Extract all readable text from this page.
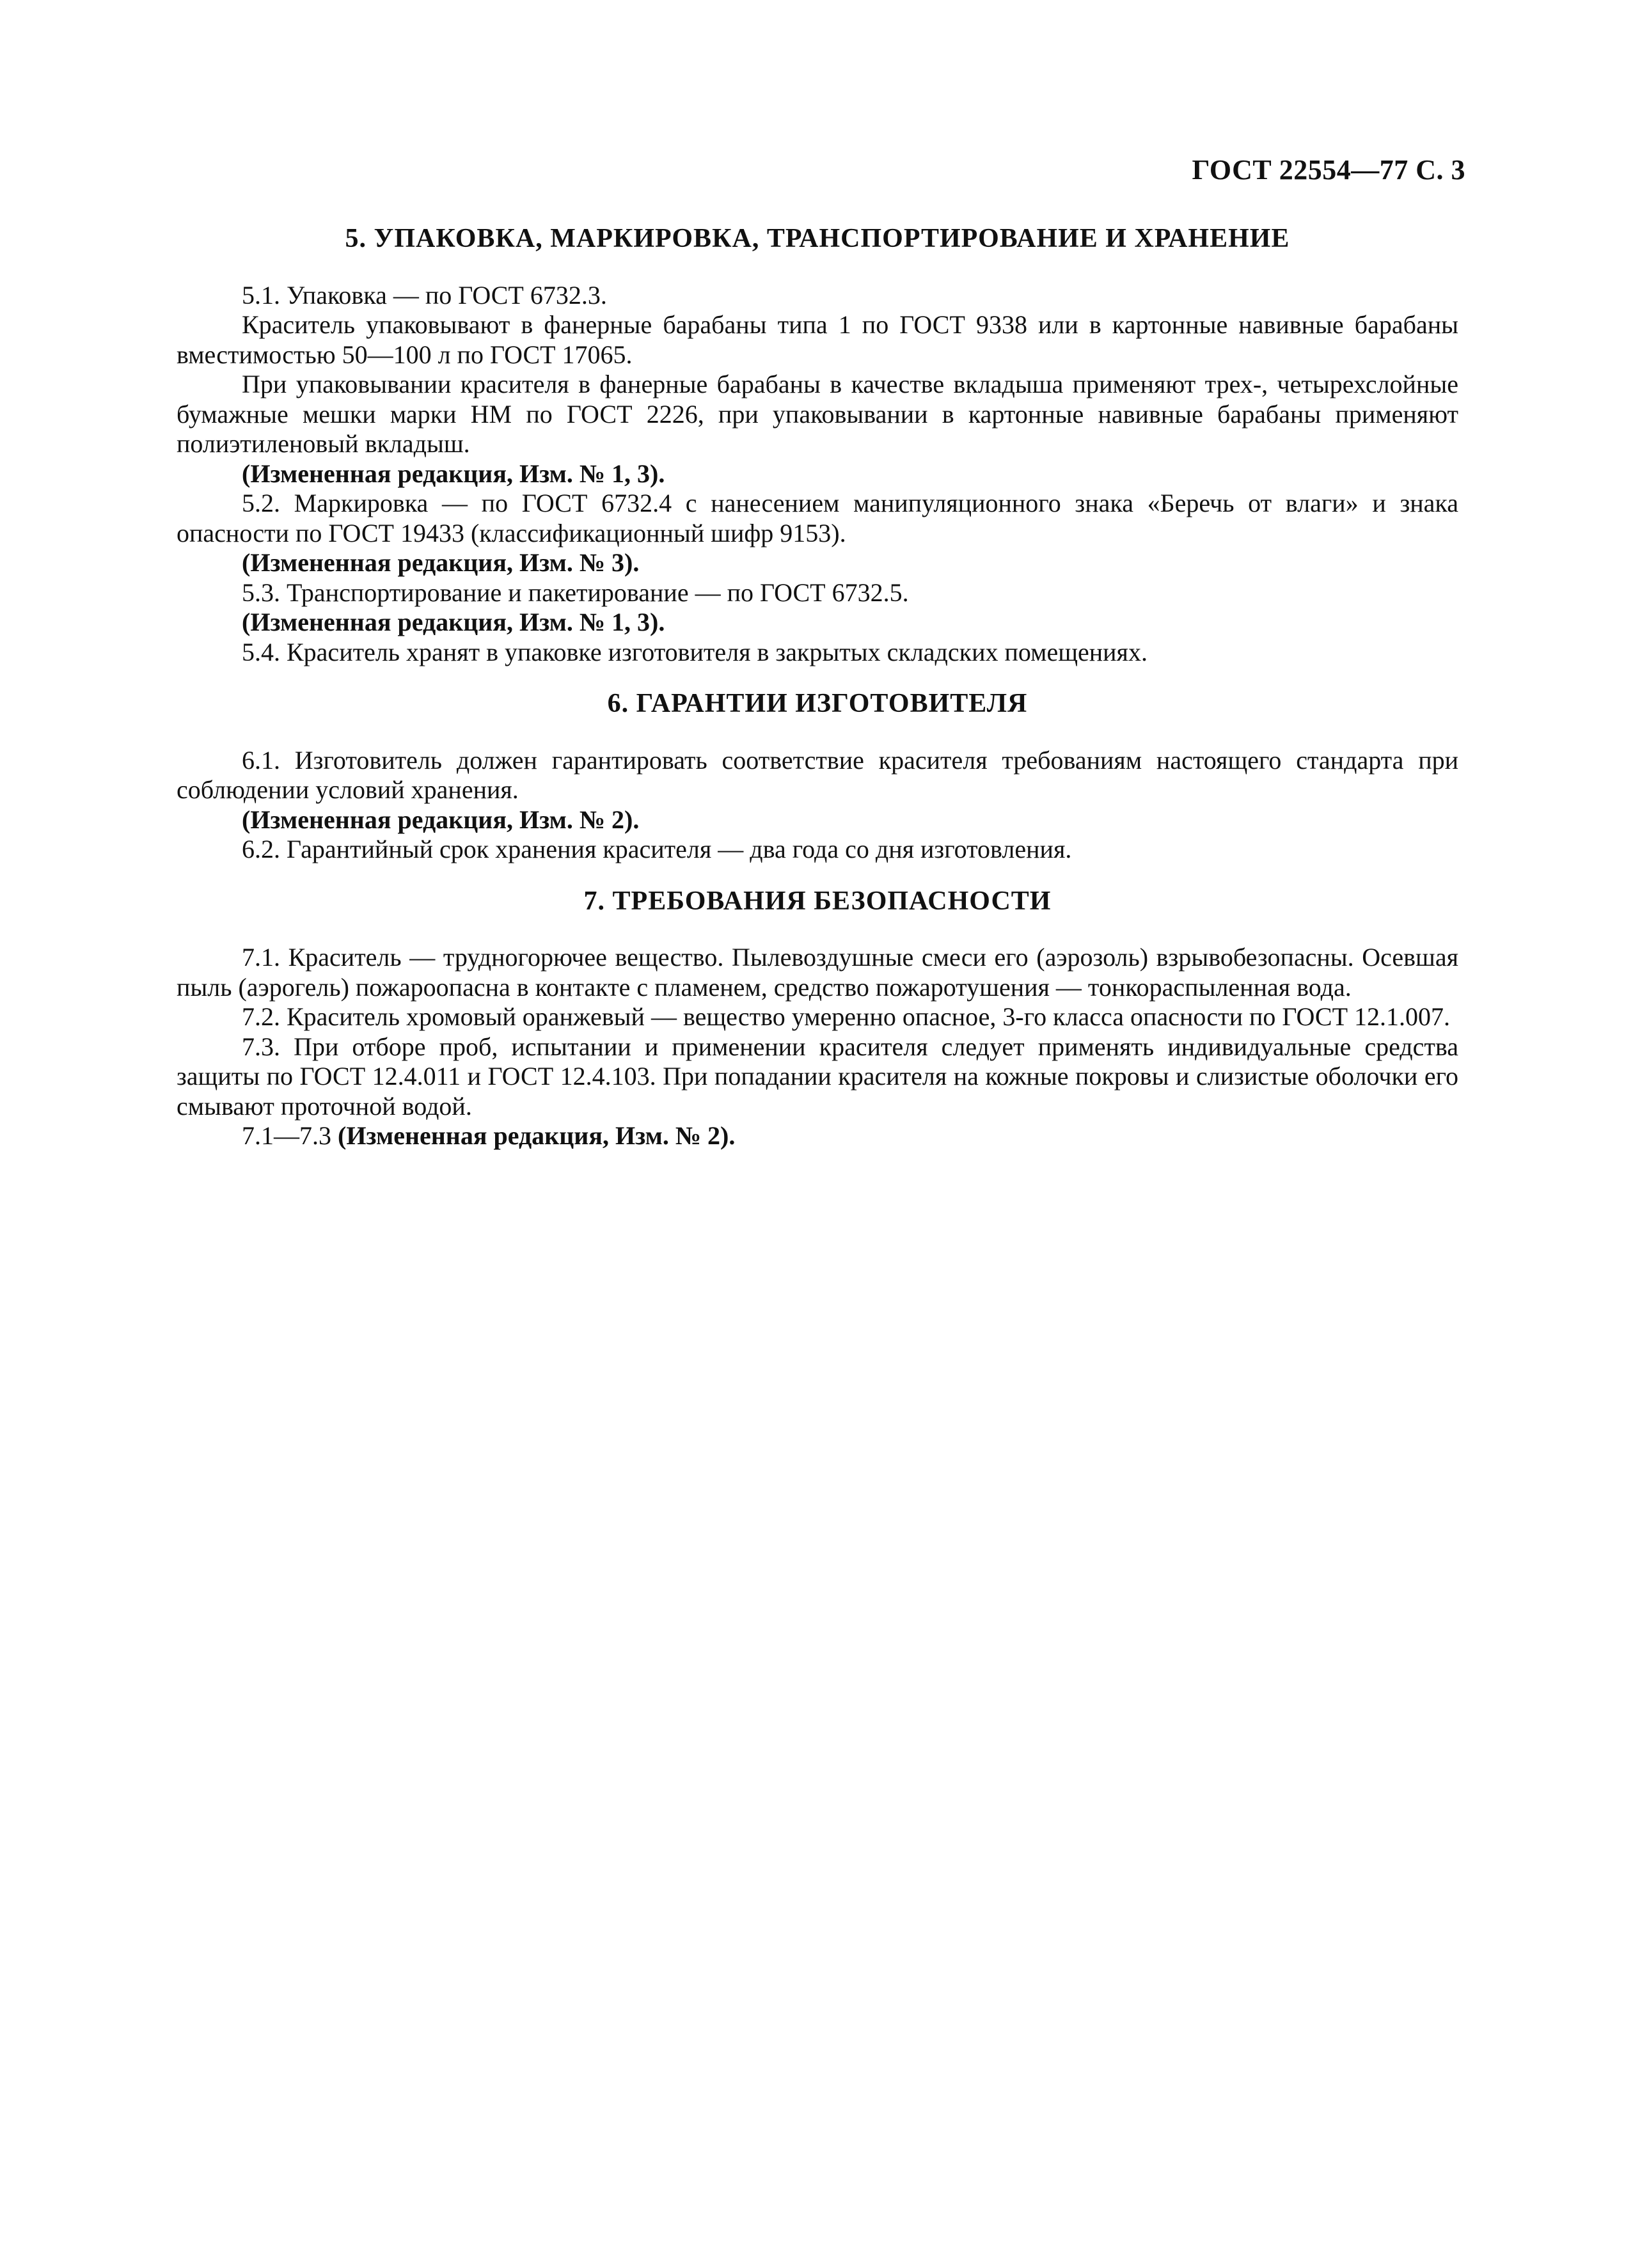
ГОСТ 22554—77 С. 3
5. УПАКОВКА, МАРКИРОВКА, ТРАНСПОРТИРОВАНИЕ И ХРАНЕНИЕ

5.1. Упаковка — по ГОСТ 6732.3.

Краситель упаковывают в фанерные барабаны типа 1 по ГОСТ 9338 или в картонные навивные барабаны вместимостью 50—100 л по ГОСТ 17065.

При упаковывании красителя в фанерные барабаны в качестве вкладыша применяют трех-, четырехслойные бумажные мешки марки НМ по ГОСТ 2226, при упаковывании в картонные навивные барабаны применяют полиэтиленовый вкладыш.

(Измененная редакция, Изм. № 1, 3).

5.2. Маркировка — по ГОСТ 6732.4 с нанесением манипуляционного знака «Беречь от влаги» и знака опасности по ГОСТ 19433 (классификационный шифр 9153).

(Измененная редакция, Изм. № 3).

5.3. Транспортирование и пакетирование — по ГОСТ 6732.5.

(Измененная редакция, Изм. № 1, 3).

5.4. Краситель хранят в упаковке изготовителя в закрытых складских помещениях.

6. ГАРАНТИИ ИЗГОТОВИТЕЛЯ

6.1. Изготовитель должен гарантировать соответствие красителя требованиям настоящего стандарта при соблюдении условий хранения.

(Измененная редакция, Изм. № 2).

6.2. Гарантийный срок хранения красителя — два года со дня изготовления.

7. ТРЕБОВАНИЯ БЕЗОПАСНОСТИ

7.1. Краситель — трудногорючее вещество. Пылевоздушные смеси его (аэрозоль) взрывобезопасны. Осевшая пыль (аэрогель) пожароопасна в контакте с пламенем, средство пожаротушения — тонкораспыленная вода.

7.2. Краситель хромовый оранжевый — вещество умеренно опасное, 3-го класса опасности по ГОСТ 12.1.007.

7.3. При отборе проб, испытании и применении красителя следует применять индивидуальные средства защиты по ГОСТ 12.4.011 и ГОСТ 12.4.103. При попадании красителя на кожные покровы и слизистые оболочки его смывают проточной водой.

7.1—7.3 (Измененная редакция, Изм. № 2).
